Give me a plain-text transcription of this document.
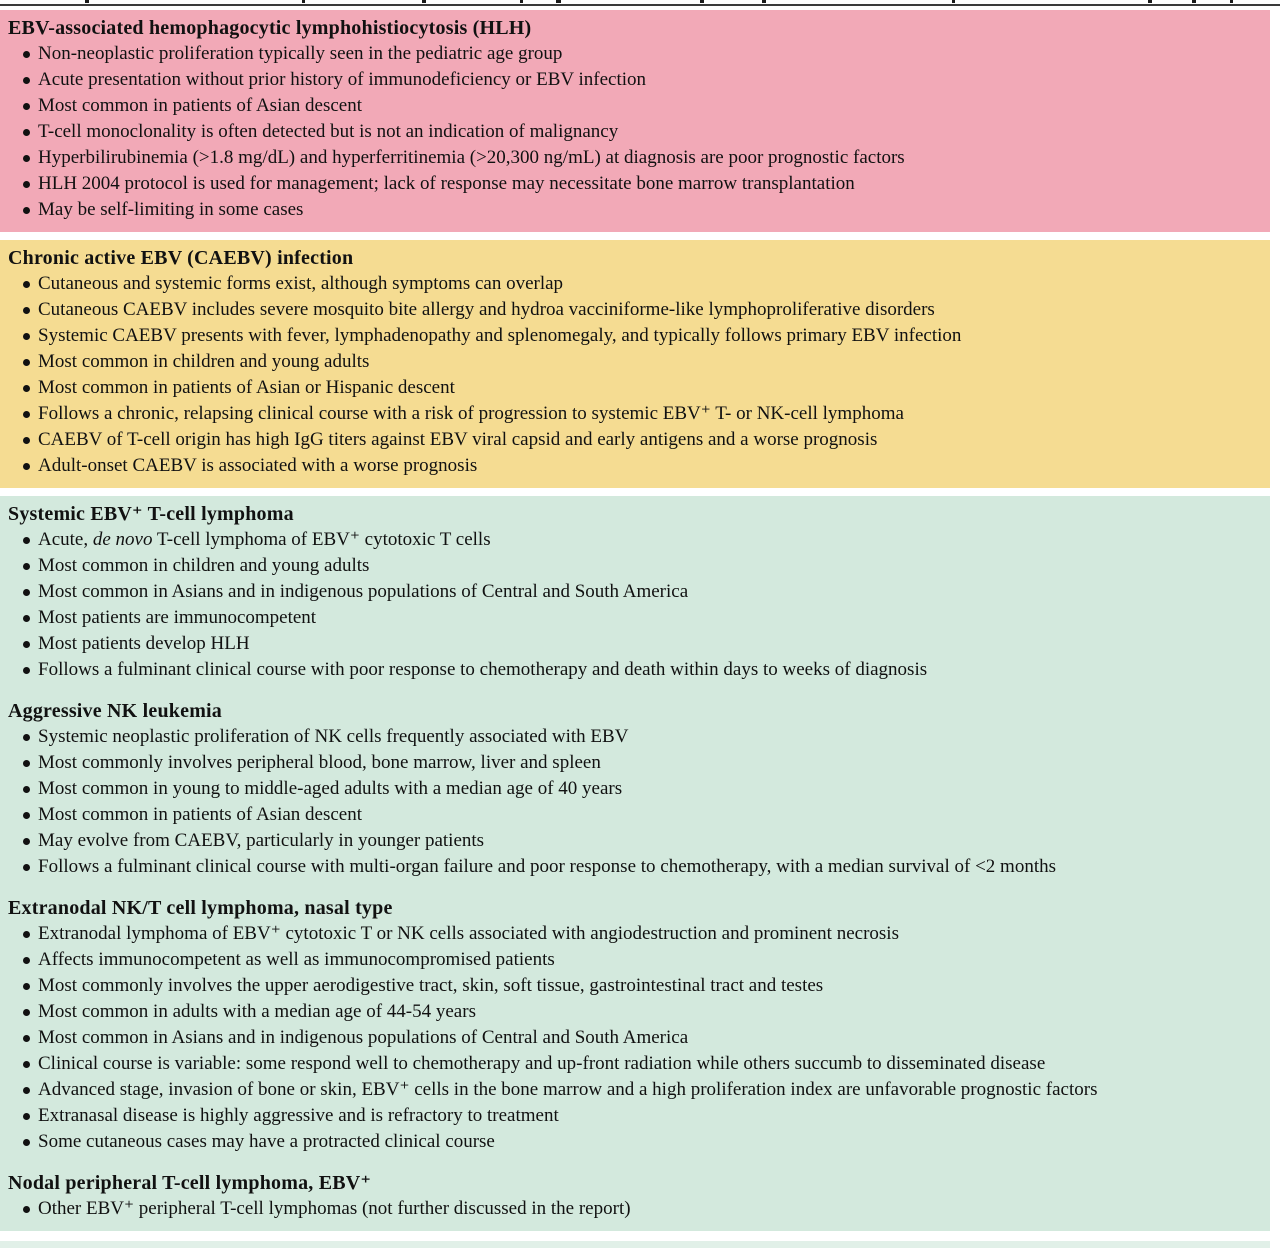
EBV-associated hemophagocytic lymphohistiocytosis (HLH)
Non-neoplastic proliferation typically seen in the pediatric age group
Acute presentation without prior history of immunodeficiency or EBV infection
Most common in patients of Asian descent
T-cell monoclonality is often detected but is not an indication of malignancy
Hyperbilirubinemia (>1.8 mg/dL) and hyperferritinemia (>20,300 ng/mL) at diagnosis are poor prognostic factors
HLH 2004 protocol is used for management; lack of response may necessitate bone marrow transplantation
May be self-limiting in some cases
Chronic active EBV (CAEBV) infection
Cutaneous and systemic forms exist, although symptoms can overlap
Cutaneous CAEBV includes severe mosquito bite allergy and hydroa vacciniforme-like lymphoproliferative disorders
Systemic CAEBV presents with fever, lymphadenopathy and splenomegaly, and typically follows primary EBV infection
Most common in children and young adults
Most common in patients of Asian or Hispanic descent
Follows a chronic, relapsing clinical course with a risk of progression to systemic EBV⁺ T- or NK-cell lymphoma
CAEBV of T-cell origin has high IgG titers against EBV viral capsid and early antigens and a worse prognosis
Adult-onset CAEBV is associated with a worse prognosis
Systemic EBV⁺ T-cell lymphoma
Acute, de novo T-cell lymphoma of EBV⁺ cytotoxic T cells
Most common in children and young adults
Most common in Asians and in indigenous populations of Central and South America
Most patients are immunocompetent
Most patients develop HLH
Follows a fulminant clinical course with poor response to chemotherapy and death within days to weeks of diagnosis
Aggressive NK leukemia
Systemic neoplastic proliferation of NK cells frequently associated with EBV
Most commonly involves peripheral blood, bone marrow, liver and spleen
Most common in young to middle-aged adults with a median age of 40 years
Most common in patients of Asian descent
May evolve from CAEBV, particularly in younger patients
Follows a fulminant clinical course with multi-organ failure and poor response to chemotherapy, with a median survival of <2 months
Extranodal NK/T cell lymphoma, nasal type
Extranodal lymphoma of EBV⁺ cytotoxic T or NK cells associated with angiodestruction and prominent necrosis
Affects immunocompetent as well as immunocompromised patients
Most commonly involves the upper aerodigestive tract, skin, soft tissue, gastrointestinal tract and testes
Most common in adults with a median age of 44-54 years
Most common in Asians and in indigenous populations of Central and South America
Clinical course is variable: some respond well to chemotherapy and up-front radiation while others succumb to disseminated disease
Advanced stage, invasion of bone or skin, EBV⁺ cells in the bone marrow and a high proliferation index are unfavorable prognostic factors
Extranasal disease is highly aggressive and is refractory to treatment
Some cutaneous cases may have a protracted clinical course
Nodal peripheral T-cell lymphoma, EBV⁺
Other EBV⁺ peripheral T-cell lymphomas (not further discussed in the report)
